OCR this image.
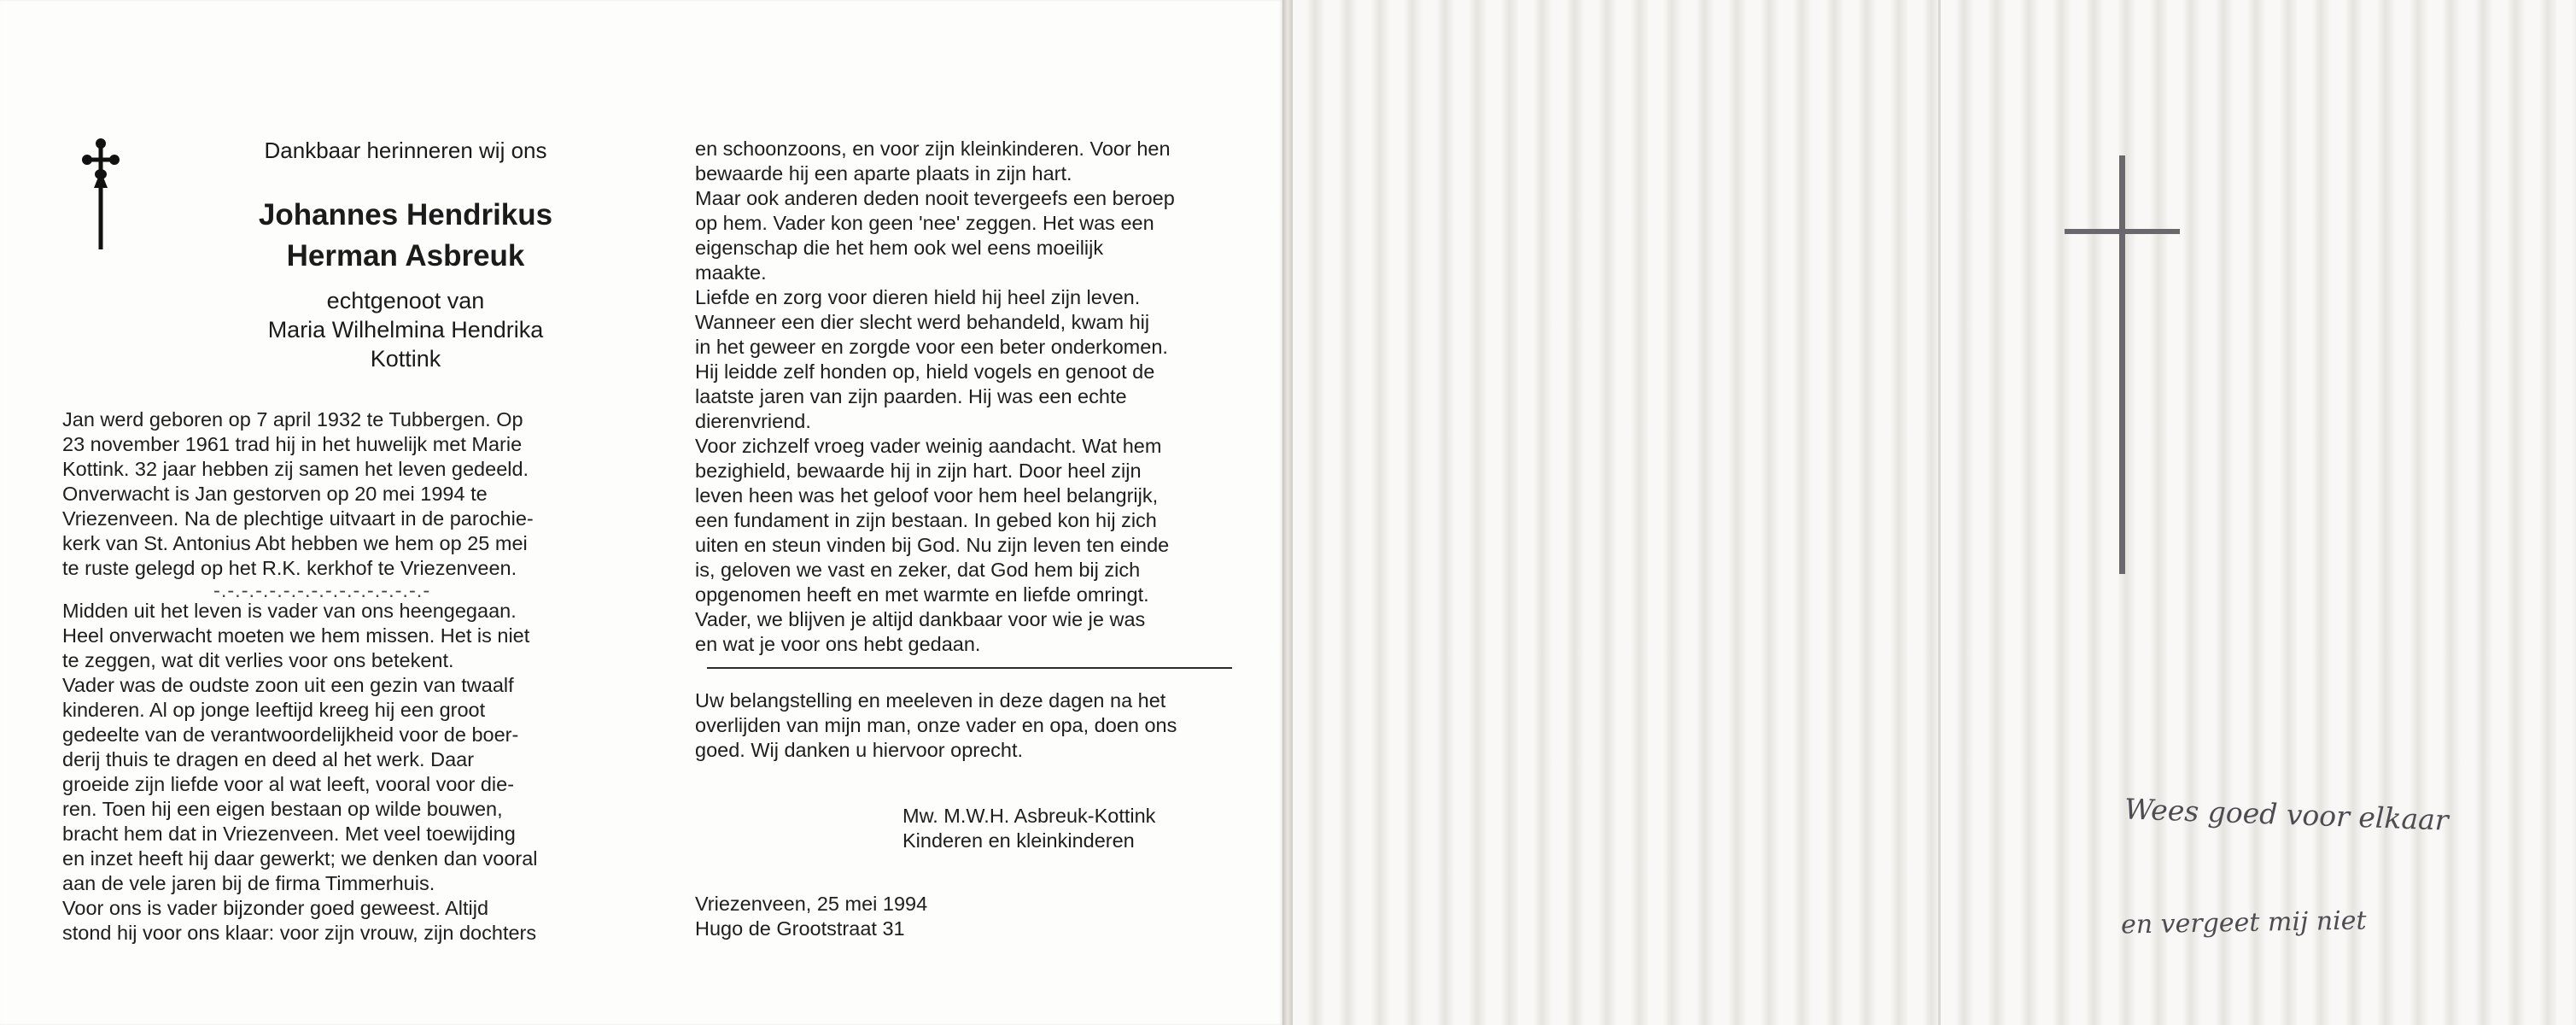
Dankbaar herinneren wij ons
Johannes Hendrikus
Herman Asbreuk
echtgenoot van
Maria Wilhelmina Hendrika
Kottink
Jan werd geboren op 7 april 1932 te Tubbergen. Op
23 november 1961 trad hij in het huwelijk met Marie
Kottink. 32 jaar hebben zij samen het leven gedeeld.
Onverwacht is Jan gestorven op 20 mei 1994 te
Vriezenveen. Na de plechtige uitvaart in de parochie-
kerk van St. Antonius Abt hebben we hem op 25 mei
te ruste gelegd op het R.K. kerkhof te Vriezenveen.
-.-.-.-.-.-.-.-.-.-.-.-.-.-.-.-
Midden uit het leven is vader van ons heengegaan.
Heel onverwacht moeten we hem missen. Het is niet
te zeggen, wat dit verlies voor ons betekent.
Vader was de oudste zoon uit een gezin van twaalf
kinderen. Al op jonge leeftijd kreeg hij een groot
gedeelte van de verantwoordelijkheid voor de boer-
derij thuis te dragen en deed al het werk. Daar
groeide zijn liefde voor al wat leeft, vooral voor die-
ren. Toen hij een eigen bestaan op wilde bouwen,
bracht hem dat in Vriezenveen. Met veel toewijding
en inzet heeft hij daar gewerkt; we denken dan vooral
aan de vele jaren bij de firma Timmerhuis.
Voor ons is vader bijzonder goed geweest. Altijd
stond hij voor ons klaar: voor zijn vrouw, zijn dochters
en schoonzoons, en voor zijn kleinkinderen. Voor hen
bewaarde hij een aparte plaats in zijn hart.
Maar ook anderen deden nooit tevergeefs een beroep
op hem. Vader kon geen 'nee' zeggen. Het was een
eigenschap die het hem ook wel eens moeilijk
maakte.
Liefde en zorg voor dieren hield hij heel zijn leven.
Wanneer een dier slecht werd behandeld, kwam hij
in het geweer en zorgde voor een beter onderkomen.
Hij leidde zelf honden op, hield vogels en genoot de
laatste jaren van zijn paarden. Hij was een echte
dierenvriend.
Voor zichzelf vroeg vader weinig aandacht. Wat hem
bezighield, bewaarde hij in zijn hart. Door heel zijn
leven heen was het geloof voor hem heel belangrijk,
een fundament in zijn bestaan. In gebed kon hij zich
uiten en steun vinden bij God. Nu zijn leven ten einde
is, geloven we vast en zeker, dat God hem bij zich
opgenomen heeft en met warmte en liefde omringt.
Vader, we blijven je altijd dankbaar voor wie je was
en wat je voor ons hebt gedaan.
Uw belangstelling en meeleven in deze dagen na het
overlijden van mijn man, onze vader en opa, doen ons
goed. Wij danken u hiervoor oprecht.
Mw. M.W.H. Asbreuk-Kottink
Kinderen en kleinkinderen
Vriezenveen, 25 mei 1994
Hugo de Grootstraat 31
Wees goed voor elkaar
en vergeet mij niet
